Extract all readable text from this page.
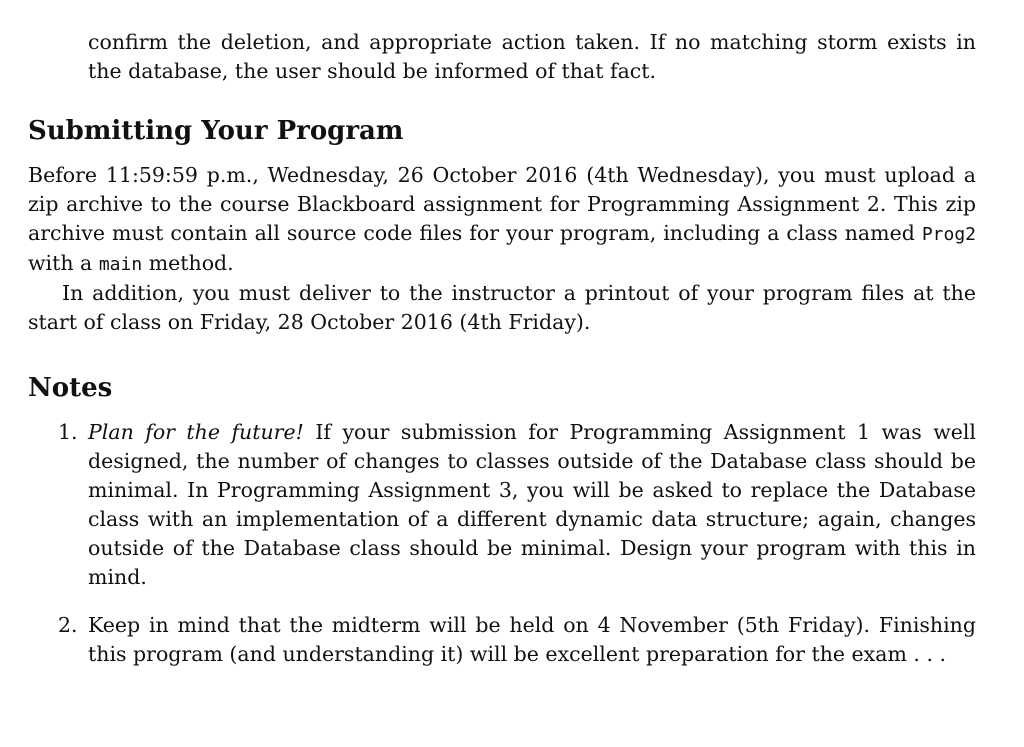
confirm the deletion, and appropriate action taken. If no matching storm exists in the database, the user should be informed of that fact.

Submitting Your Program

Before 11:59:59 p.m., Wednesday, 26 October 2016 (4th Wednesday), you must upload a zip archive to the course Blackboard assignment for Programming Assignment 2. This zip archive must contain all source code files for your program, including a class named Prog2 with a main method.

In addition, you must deliver to the instructor a printout of your program files at the start of class on Friday, 28 October 2016 (4th Friday).

Notes
1. Plan for the future! If your submission for Programming Assignment 1 was well designed, the number of changes to classes outside of the Database class should be minimal. In Programming Assignment 3, you will be asked to replace the Database class with an implementation of a different dynamic data structure; again, changes outside of the Database class should be minimal. Design your program with this in mind.
2. Keep in mind that the midterm will be held on 4 November (5th Friday). Finishing this program (and understanding it) will be excellent preparation for the exam . . .
